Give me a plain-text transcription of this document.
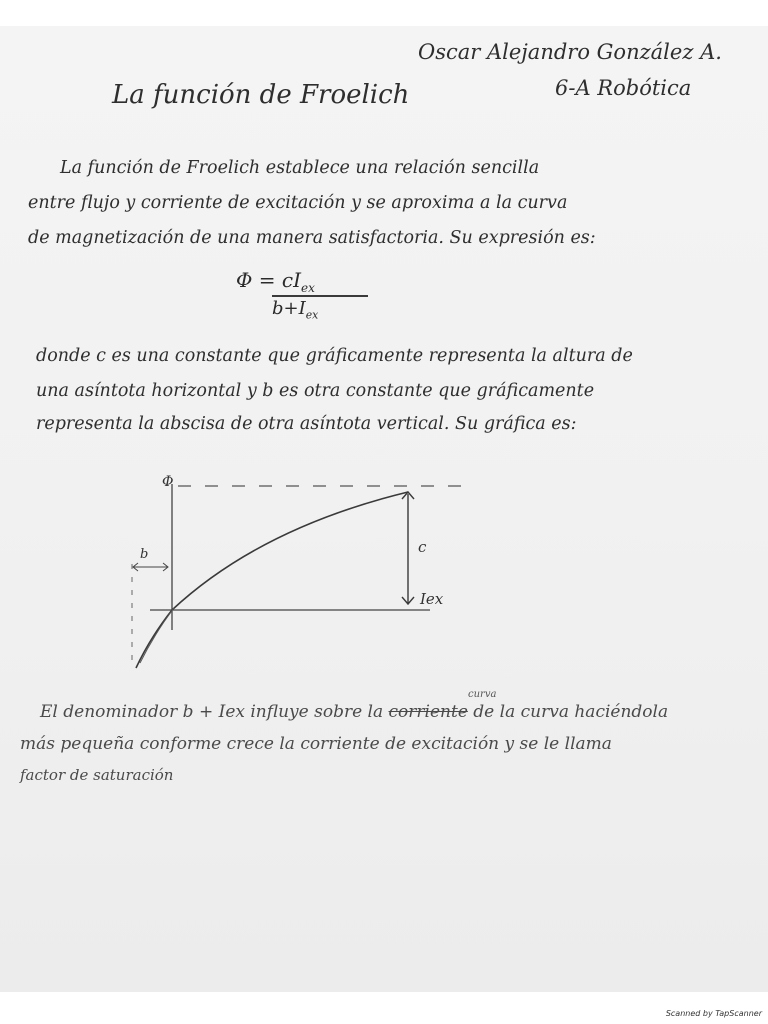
Oscar Alejandro González A.
6-A Robótica
La función de Froelich
La función de Froelich establece una relación sencilla
entre flujo y corriente de excitación y se aproxima a la curva
de magnetización de una manera satisfactoria. Su expresión es:
$\Phi = cI_{ex}$
$b+I_{ex}$
donde c es una constante que gráficamente representa la altura de
una asíntota horizontal y b es otra constante que gráficamente
representa la abscisa de otra asíntota vertical. Su gráfica es:
Φ
Iex
b	c
curva
El denominador b + Iex influye sobre la corriente de la curva haciéndola
más pequeña conforme crece la corriente de excitación y se le llama
factor de saturación
Scanned by TapScanner
